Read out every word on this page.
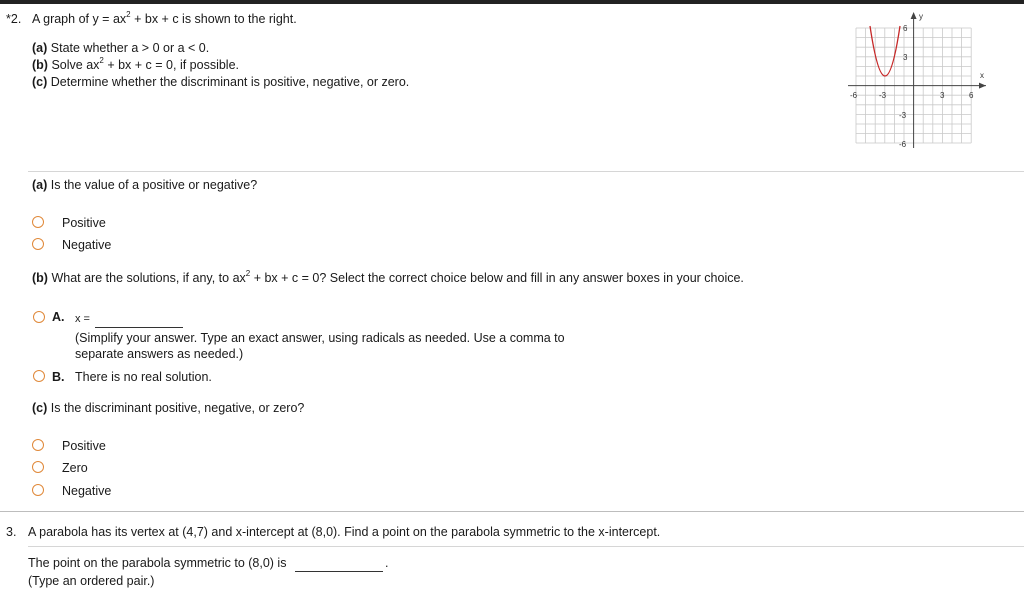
*2. A graph of $y = ax^2$ + bx + c is shown to the right.
(a) State whether a > 0 or a < 0.
(b) Solve $ax^2$ + bx + c = 0, if possible.
(c) Determine whether the discriminant is positive, negative, or zero.	x
y
-6	-3	3	6
6
3
-3
-6
(a) Is the value of a positive or negative?
Positive
Negative
(b) What are the solutions, if any, to $ax^2$ + bx + c = 0? Select the correct choice below and fill in any answer boxes in your choice.
A. x =
(Simplify your answer. Type an exact answer, using radicals as needed. Use a comma to
separate answers as needed.)
B. There is no real solution.
(c) Is the discriminant positive, negative, or zero?
Positive
Zero
Negative
3. A parabola has its vertex at (4,7) and x-intercept at (8,0). Find a point on the parabola symmetric to the x-intercept.
The point on the parabola symmetric to (8,0) is	.
(Type an ordered pair.)
